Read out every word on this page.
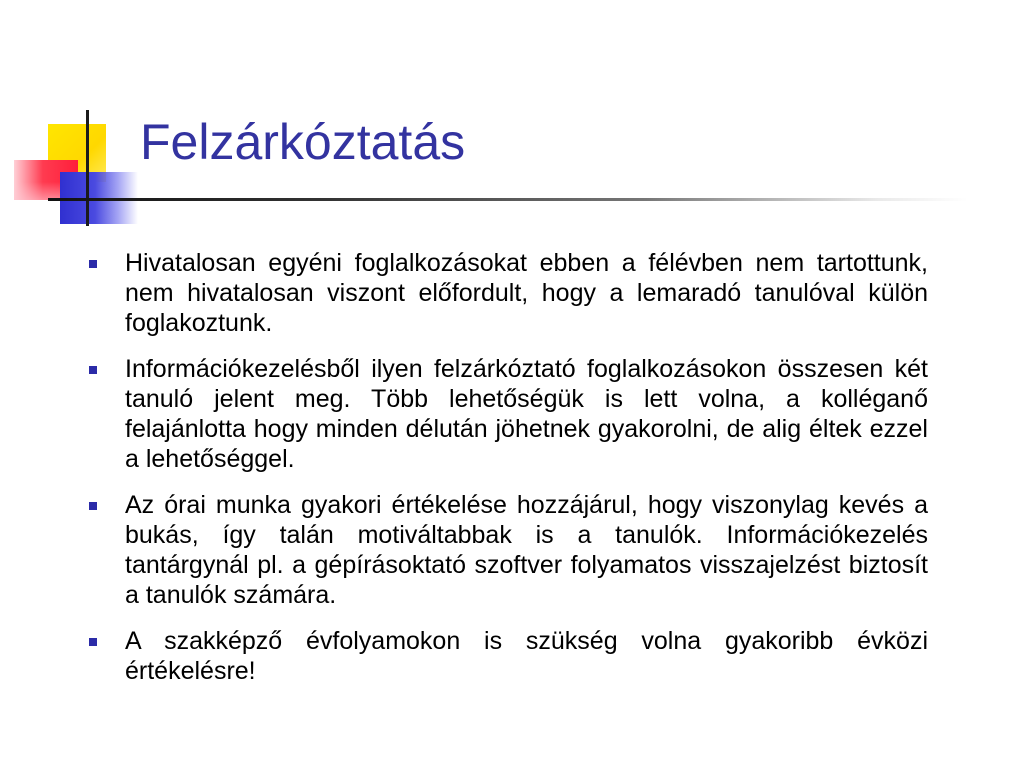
Felzárkóztatás
Hivatalosan egyéni foglalkozásokat ebben a félévben nem tartottunk, nem hivatalosan viszont előfordult, hogy a lemaradó tanulóval külön foglakoztunk.
Információkezelésből ilyen felzárkóztató foglalkozásokon összesen két tanuló jelent meg. Több lehetőségük is lett volna, a kolléganő felajánlotta hogy minden délután jöhetnek gyakorolni, de alig éltek ezzel a lehetőséggel.
Az órai munka gyakori értékelése hozzájárul, hogy viszonylag kevés a bukás, így talán motiváltabbak is a tanulók. Információkezelés tantárgynál pl. a gépírásoktató szoftver folyamatos visszajelzést biztosít a tanulók számára.
A szakképző évfolyamokon is szükség volna gyakoribb évközi értékelésre!
